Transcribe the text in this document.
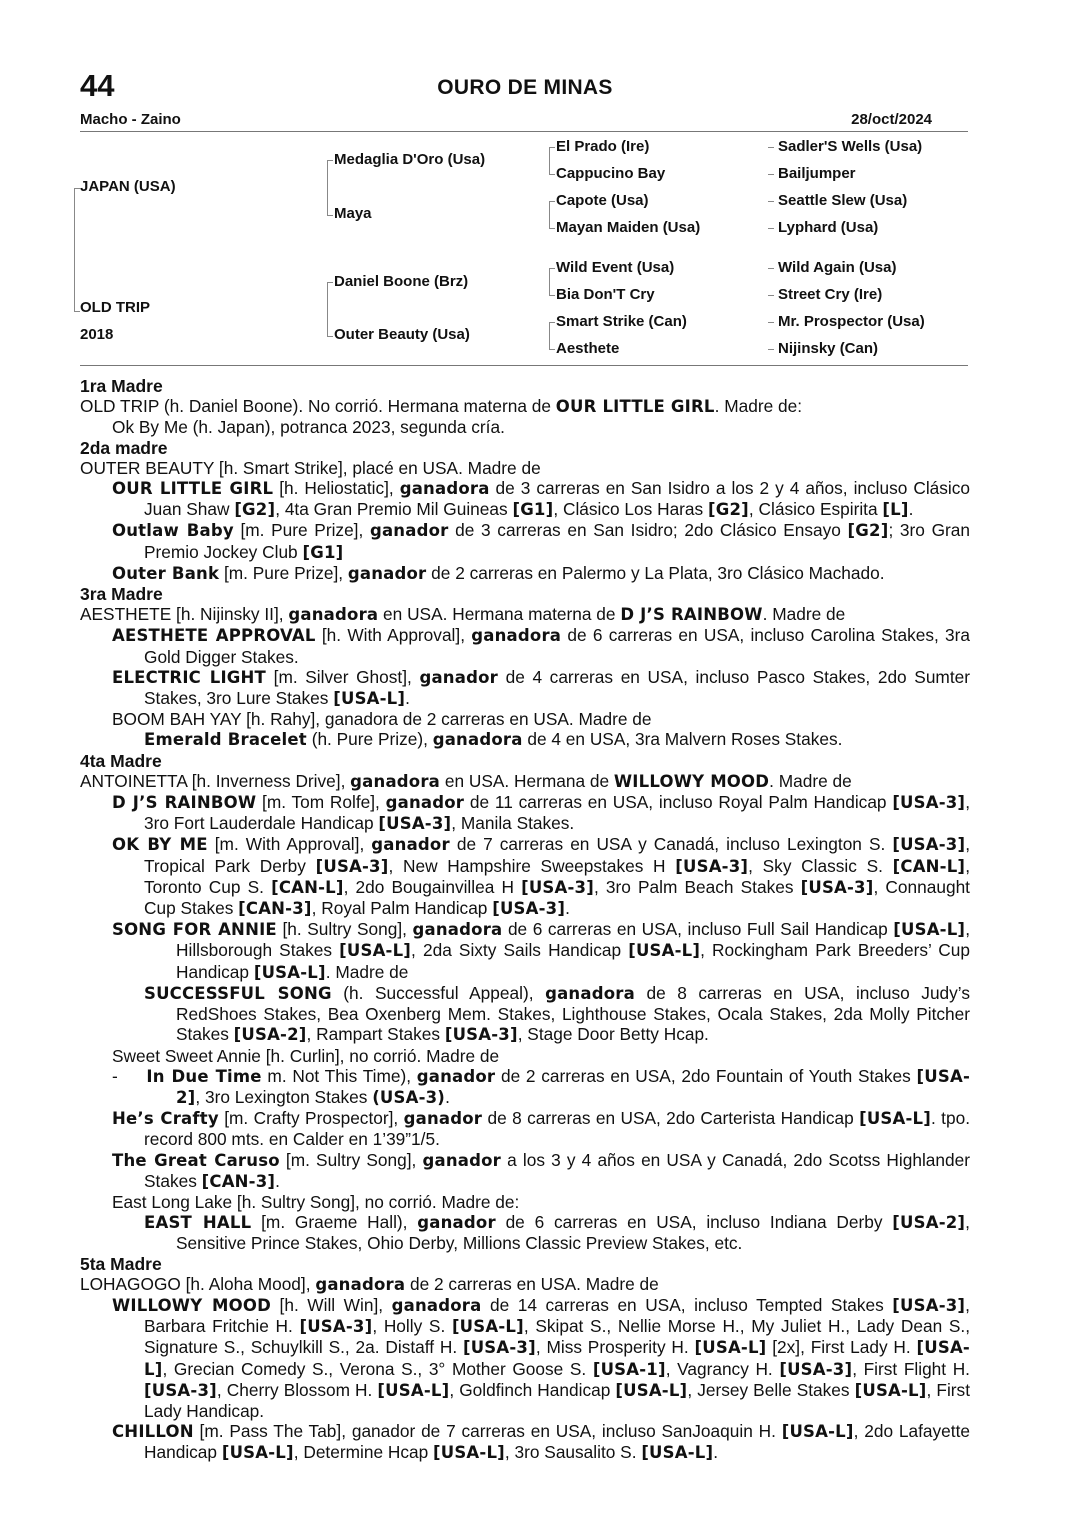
44	OURO DE MINAS
Macho - Zaino	28/oct/2024
JAPAN (USA)
OLD TRIP
2018
Medaglia D'Oro (Usa)
Maya
Daniel Boone (Brz)
Outer Beauty (Usa)
El Prado (Ire)
Cappucino Bay
Capote (Usa)
Mayan Maiden (Usa)
Wild Event (Usa)
Bia Don'T Cry
Smart Strike (Can)
Aesthete
Sadler'S Wells (Usa)
Bailjumper
Seattle Slew (Usa)
Lyphard (Usa)
Wild Again (Usa)
Street Cry (Ire)
Mr. Prospector (Usa)
Nijinsky (Can)

1ra Madre

OLD TRIP (h. Daniel Boone). No corrió. Hermana materna de OUR LITTLE GIRL. Madre de:

Ok By Me (h. Japan), potranca 2023, segunda cría.

2da madre

OUTER BEAUTY [h. Smart Strike], placé en USA. Madre de

OUR LITTLE GIRL [h. Heliostatic], ganadora de 3 carreras en San Isidro a los 2 y 4 años, incluso Clásico Juan Shaw [G2], 4ta Gran Premio Mil Guineas [G1], Clásico Los Haras [G2], Clásico Espirita [L].

Outlaw Baby [m. Pure Prize], ganador de 3 carreras en San Isidro; 2do Clásico Ensayo [G2]; 3ro Gran Premio Jockey Club [G1]

Outer Bank [m. Pure Prize], ganador de 2 carreras en Palermo y La Plata, 3ro Clásico Machado.

3ra Madre

AESTHETE [h. Nijinsky II], ganadora en USA. Hermana materna de D J’S RAINBOW. Madre de

AESTHETE APPROVAL [h. With Approval], ganadora de 6 carreras en USA, incluso Carolina Stakes, 3ra Gold Digger Stakes.

ELECTRIC LIGHT [m. Silver Ghost], ganador de 4 carreras en USA, incluso Pasco Stakes, 2do Sumter Stakes, 3ro Lure Stakes [USA-L].

BOOM BAH YAY [h. Rahy], ganadora de 2 carreras en USA. Madre de

Emerald Bracelet (h. Pure Prize), ganadora de 4 en USA, 3ra Malvern Roses Stakes.

4ta Madre

ANTOINETTA [h. Inverness Drive], ganadora en USA. Hermana de WILLOWY MOOD. Madre de

D J’S RAINBOW [m. Tom Rolfe], ganador de 11 carreras en USA, incluso Royal Palm Handicap [USA-3], 3ro Fort Lauderdale Handicap [USA-3], Manila Stakes.

OK BY ME [m. With Approval], ganador de 7 carreras en USA y Canadá, incluso Lexington S. [USA-3], Tropical Park Derby [USA-3], New Hampshire Sweepstakes H [USA-3], Sky Classic S. [CAN-L], Toronto Cup S. [CAN-L], 2do Bougainvillea H [USA-3], 3ro Palm Beach Stakes [USA-3], Connaught Cup Stakes [CAN-3], Royal Palm Handicap [USA-3].

SONG FOR ANNIE [h. Sultry Song], ganadora de 6 carreras en USA, incluso Full Sail Handicap [USA-L], Hillsborough Stakes [USA-L], 2da Sixty Sails Handicap [USA-L], Rockingham Park Breeders’ Cup Handicap [USA-L]. Madre de

SUCCESSFUL SONG (h. Successful Appeal), ganadora de 8 carreras en USA, incluso Judy’s RedShoes Stakes, Bea Oxenberg Mem. Stakes, Lighthouse Stakes, Ocala Stakes, 2da Molly Pitcher Stakes [USA-2], Rampart Stakes [USA-3], Stage Door Betty Hcap.

Sweet Sweet Annie [h. Curlin], no corrió. Madre de

-     In Due Time m. Not This Time), ganador de 2 carreras en USA, 2do Fountain of Youth Stakes [USA-2], 3ro Lexington Stakes (USA-3).

He’s Crafty [m. Crafty Prospector], ganador de 8 carreras en USA, 2do Carterista Handicap [USA-L]. tpo. record 800 mts. en Calder en 1’39”1/5.

The Great Caruso [m. Sultry Song], ganador a los 3 y 4 años en USA y Canadá, 2do Scotss Highlander Stakes [CAN-3].

East Long Lake [h. Sultry Song], no corrió. Madre de:

EAST HALL [m. Graeme Hall), ganador de 6 carreras en USA, incluso Indiana Derby [USA-2], Sensitive Prince Stakes, Ohio Derby, Millions Classic Preview Stakes, etc.

5ta Madre

LOHAGOGO [h. Aloha Mood], ganadora de 2 carreras en USA. Madre de

WILLOWY MOOD [h. Will Win], ganadora de 14 carreras en USA, incluso Tempted Stakes [USA-3], Barbara Fritchie H. [USA-3], Holly S. [USA-L], Skipat S., Nellie Morse H., My Juliet H., Lady Dean S., Signature S., Schuylkill S., 2a. Distaff H. [USA-3], Miss Prosperity H. [USA-L] [2x], First Lady H. [USA-L], Grecian Comedy S., Verona S., 3° Mother Goose S. [USA-1], Vagrancy H. [USA-3], First Flight H. [USA-3], Cherry Blossom H. [USA-L], Goldfinch Handicap [USA-L], Jersey Belle Stakes [USA-L], First Lady Handicap.

CHILLON [m. Pass The Tab], ganador de 7 carreras en USA, incluso SanJoaquin H. [USA-L], 2do Lafayette Handicap [USA-L], Determine Hcap [USA-L], 3ro Sausalito S. [USA-L].
